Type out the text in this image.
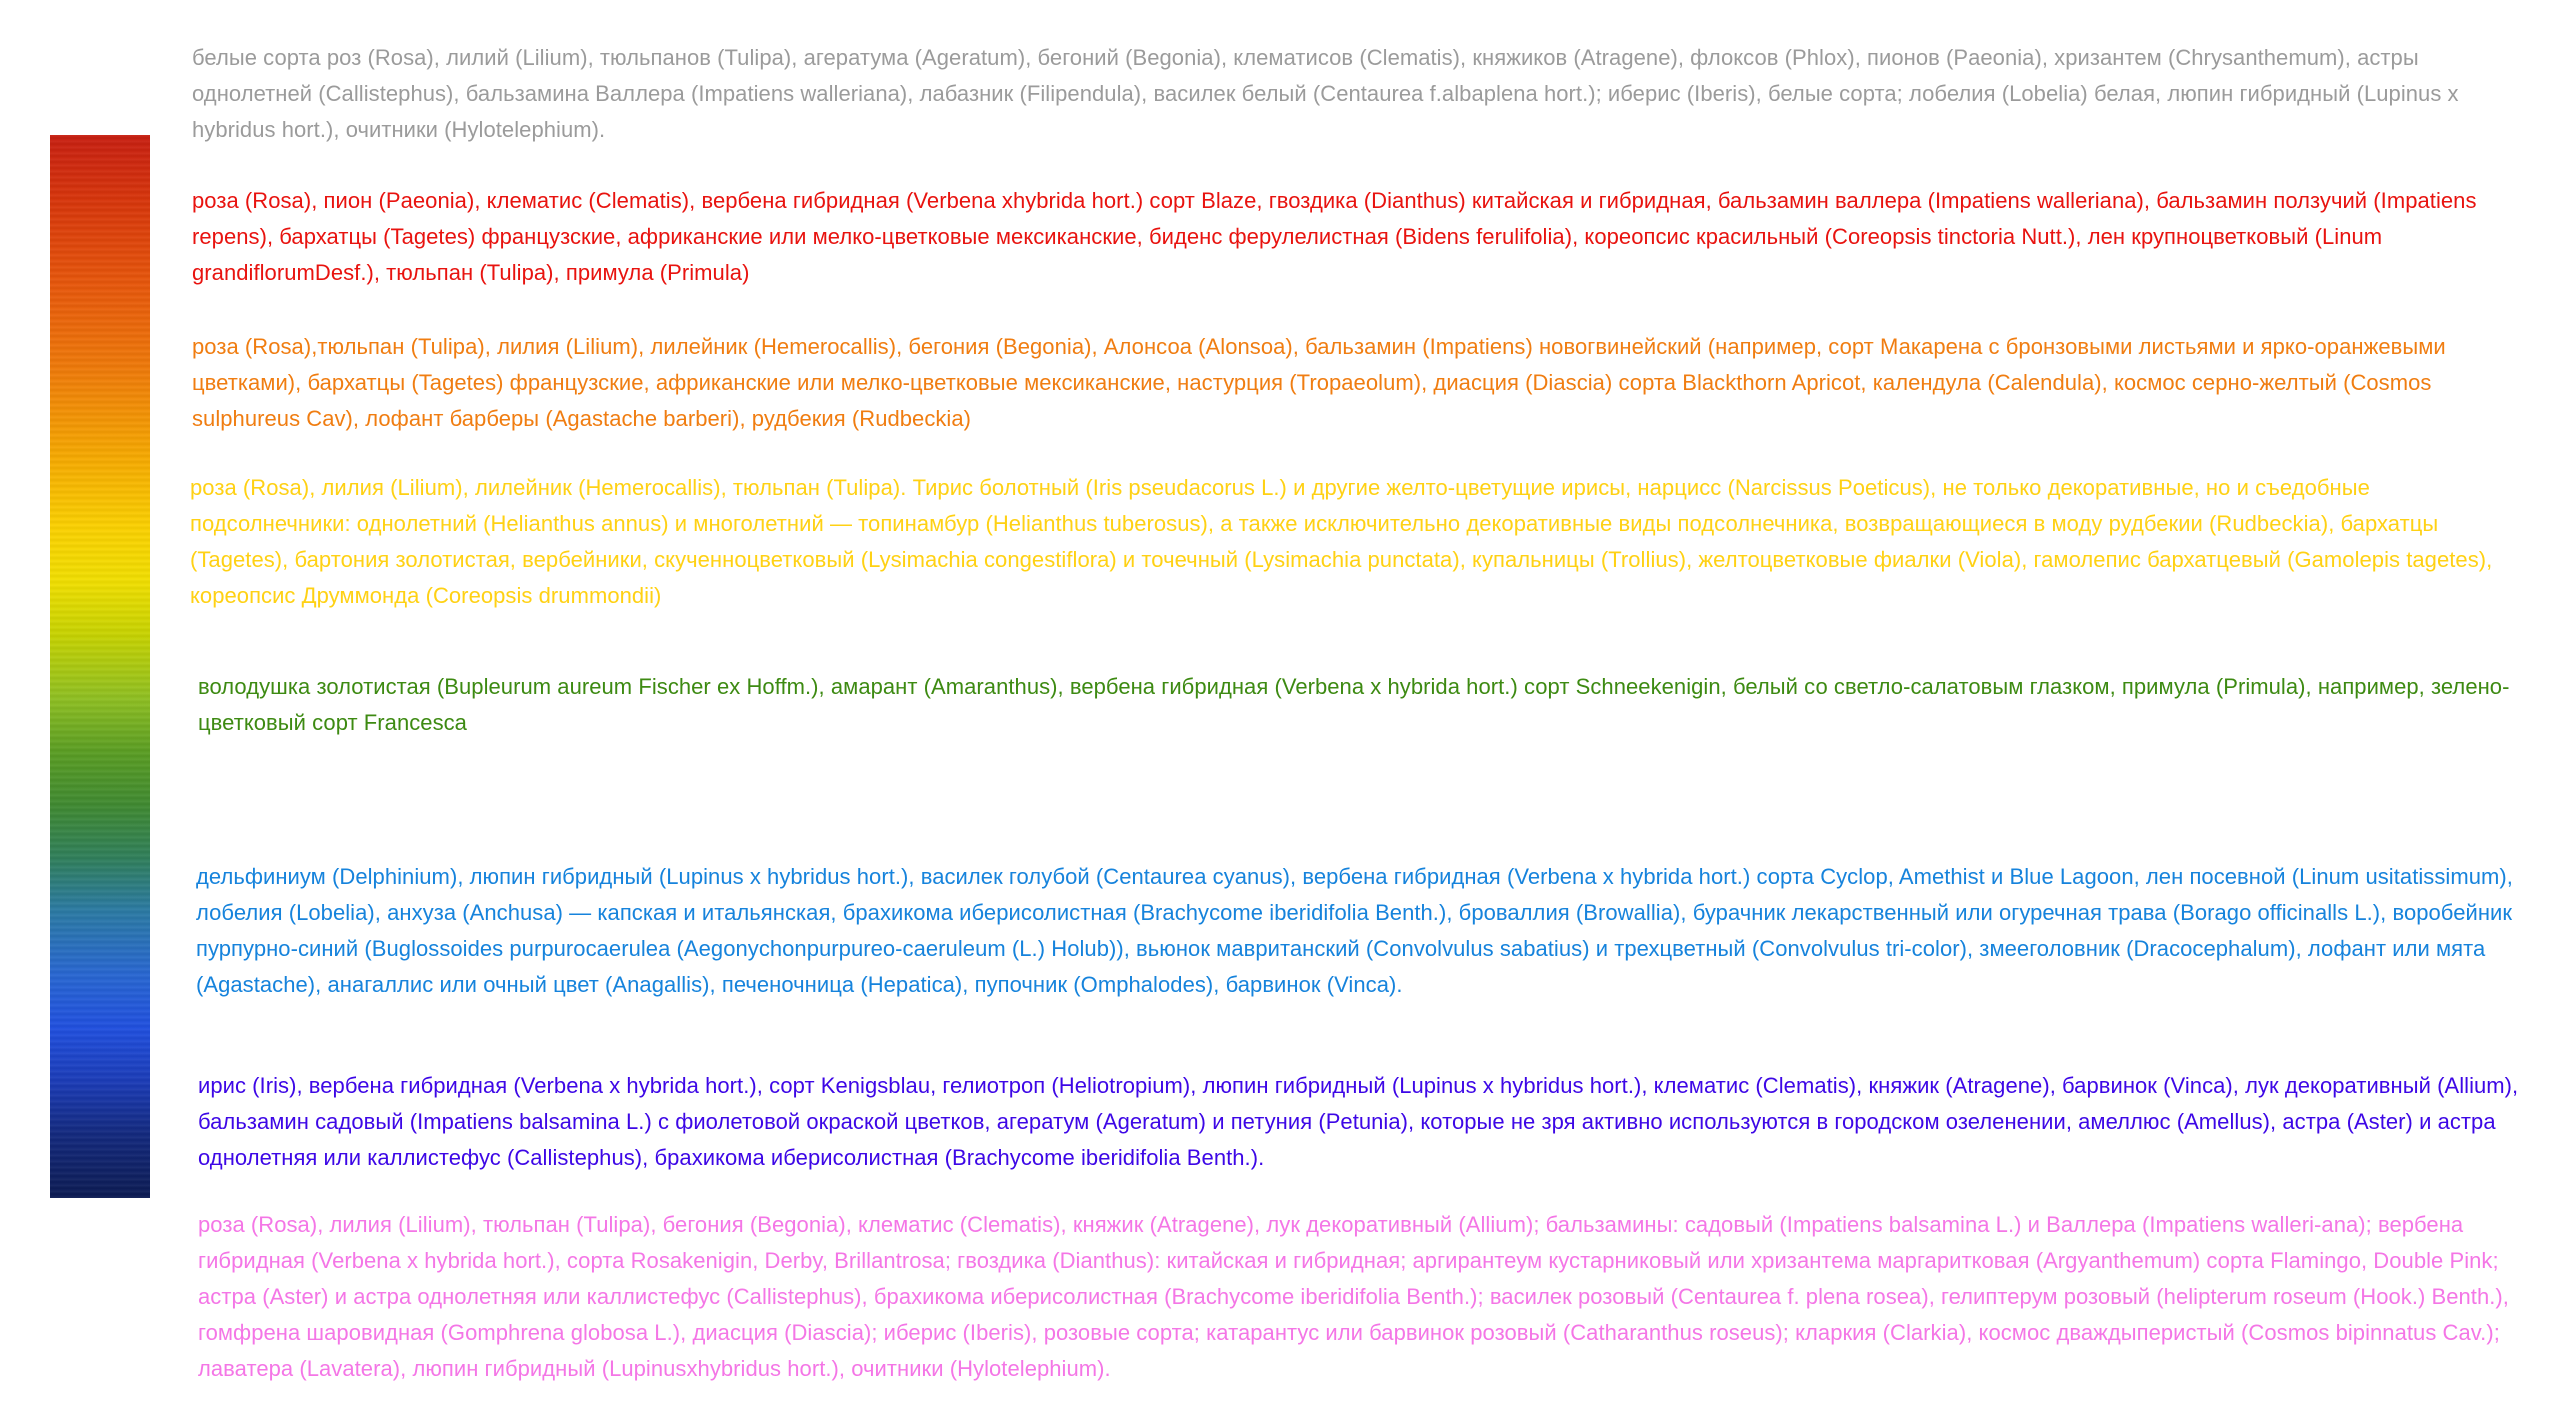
белые сорта роз (Rosa), лилий (Lilium), тюльпанов (Tulipa), агератума (Ageratum), бегоний (Begonia), клематисов (Clematis), княжиков (Atragene), флоксов (Phlox), пионов (Paeonia), хризантем (Chrysanthemum), астры однолетней (Callistephus), бальзамина Валлера (Impatiens walleriana), лабазник (Filipendula), василек белый (Centaurea f.albaplena hort.); иберис (Iberis), белые сорта; лобелия (Lobelia) белая, люпин гибридный (Lupinus x hybridus hort.), очитники (Hylotelephium).

роза (Rosa), пион (Paeonia), клематис (Clematis), вербена гибридная (Verbena xhybrida hort.) сорт Blaze, гвоздика (Dianthus) китайская и гибридная, бальзамин валлера (Impatiens walleriana), бальзамин ползучий (Impatiens repens), бархатцы (Tagetes) французские, африканские или мелко-цветковые мексиканские, биденс ферулелистная (Bidens ferulifolia), кореопсис красильный (Coreopsis tinctoria Nutt.), лен крупноцветковый (Linum grandiflorumDesf.), тюльпан (Tulipa), примула (Primula)

роза (Rosa),тюльпан (Tulipa), лилия (Lilium), лилейник (Hemerocallis), бегония (Begonia), Алонсоа (Alonsoa), бальзамин (Impatiens) новогвинейский (например, сорт Макарена с бронзовыми листьями и ярко-оранжевыми цветками), бархатцы (Tagetes) французские, африканские или мелко-цветковые мексиканские, настурция (Tropaeolum), диасция (Diascia) сорта Blackthorn Apricot, календула (Calendula), космос серно-желтый (Cosmos sulphureus Cav), лофант барберы (Agastache barberi), рудбекия (Rudbeckia)

роза (Rosa), лилия (Lilium), лилейник (Hemerocallis), тюльпан (Tulipa). Тирис болотный (Iris pseudacorus L.) и другие желто-цветущие ирисы, нарцисс (Narcissus Poeticus), не только декоративные, но и съедобные подсолнечники: однолетний (Helianthus annus) и многолетний — топинамбур (Helianthus tuberosus), а также исключительно декоративные виды подсолнечника, возвращающиеся в моду рудбекии (Rudbeckia), бархатцы (Tagetes), бартония золотистая, вербейники, скученноцветковый (Lysimachia congestiflora) и точечный (Lysimachia punctata), купальницы (Trollius), желтоцветковые фиалки (Viola), гамолепис бархатцевый (Gamolepis tagetes), кореопсис Друммонда (Coreopsis drummondii)

володушка золотистая (Bupleurum aureum Fischer ex Hoffm.), амарант (Amaranthus), вербена гибридная (Verbena x hybrida hort.) сорт Schneekenigin, белый со светло-салатовым глазком, примула (Primula), например, зелено-цветковый сорт Francesca

дельфиниум (Delphinium), люпин гибридный (Lupinus x hybridus hort.), василек голубой (Centaurea cyanus), вербена гибридная (Verbena x hybrida hort.) сорта Cyclop, Amethist и Blue Lagoon, лен посевной (Linum usitatissimum), лобелия (Lobelia), анхуза (Anchusa) — капская и итальянская, брахикома иберисолистная (Brachycome iberidifolia Benth.), броваллия (Browallia), бурачник лекарственный или огуречная трава (Borago officinalls L.), воробейник пурпурно-синий (Buglossoides purpurocaerulea (Aegonychonpurpureo-caeruleum (L.) Holub)), вьюнок мавританский (Convolvulus sabatius) и трехцветный (Convolvulus tri-color), змееголовник (Dracocephalum), лофант или мята (Agastache), анагаллис или очный цвет (Anagallis), печеночница (Hepatica), пупочник (Omphalodes), барвинок (Vinca).

ирис (Iris), вербена гибридная (Verbena x hybrida hort.), сорт Kenigsblau, гелиотроп (Heliotropium), люпин гибридный (Lupinus x hybridus hort.), клематис (Clematis), княжик (Atragene), барвинок (Vinca), лук декоративный (Allium), бальзамин садовый (Impatiens balsamina L.) с фиолетовой окраской цветков, агератум (Ageratum) и петуния (Petunia), которые не зря активно используются в городском озеленении, амеллюс (Amellus), астра (Aster) и астра однолетняя или каллистефус (Callistephus), брахикома иберисолистная (Brachycome iberidifolia Benth.).

роза (Rosa), лилия (Lilium), тюльпан (Tulipa), бегония (Begonia), клематис (Clematis), княжик (Atragene), лук декоративный (Allium); бальзамины: садовый (Impatiens balsamina L.) и Валлера (Impatiens walleri-ana); вербена гибридная (Verbena x hybrida hort.), сорта Rosakenigin, Derby, Brillantrosa; гвоздика (Dianthus): китайская и гибридная; аргирантеум кустарниковый или хризантема маргаритковая (Argyanthemum) сорта Flamingo, Double Pink; астра (Aster) и астра однолетняя или каллистефус (Callistephus), брахикома иберисолистная (Brachycome iberidifolia Benth.); василек розовый (Centaurea f. plena rosea), гелиптерум розовый (helipterum roseum (Hook.) Benth.), гомфрена шаровидная (Gomphrena globosa L.), диасция (Diascia); иберис (Iberis), розовые сорта; катарантус или барвинок розовый (Catharanthus roseus); кларкия (Clarkia), космос дваждыперистый (Cosmos bipinnatus Cav.); лаватера (Lavatera), люпин гибридный (Lupinusxhybridus hort.), очитники (Hylotelephium).
